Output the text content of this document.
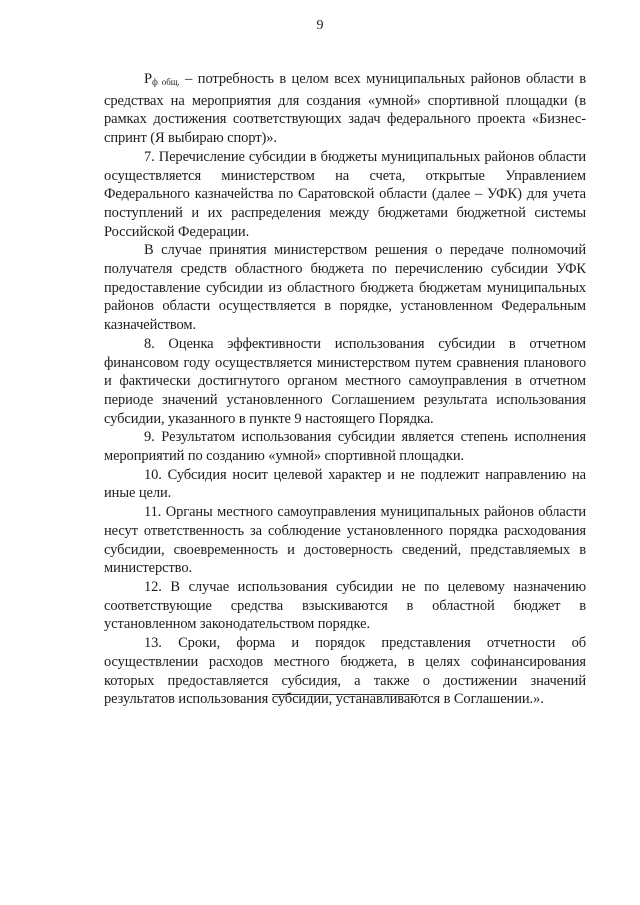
9

$P_{ф общ.}$ – потребность в целом всех муниципальных районов области в средствах на мероприятия для создания «умной» спортивной площадки (в рамках достижения соответствующих задач федерального проекта «Бизнес-спринт (Я выбираю спорт)».

7. Перечисление субсидии в бюджеты муниципальных районов области осуществляется министерством на счета, открытые Управлением Федерального казначейства по Саратовской области (далее – УФК) для учета поступлений и их распределения между бюджетами бюджетной системы Российской Федерации.

В случае принятия министерством решения о передаче полномочий получателя средств областного бюджета по перечислению субсидии УФК предоставление субсидии из областного бюджета бюджетам муниципальных районов области осуществляется в порядке, установленном Федеральным казначейством.

8. Оценка эффективности использования субсидии в отчетном финансовом году осуществляется министерством путем сравнения планового и фактически достигнутого органом местного самоуправления в отчетном периоде значений установленного Соглашением результата использования субсидии, указанного в пункте 9 настоящего Порядка.

9. Результатом использования субсидии является степень исполнения мероприятий по созданию «умной» спортивной площадки.

10. Субсидия носит целевой характер и не подлежит направлению на иные цели.

11. Органы местного самоуправления муниципальных районов области несут ответственность за соблюдение установленного порядка расходования субсидии, своевременность и достоверность сведений, представляемых в министерство.

12. В случае использования субсидии не по целевому назначению соответствующие средства взыскиваются в областной бюджет в установленном законодательством порядке.

13. Сроки, форма и порядок представления отчетности об осуществлении расходов местного бюджета, в целях софинансирования которых предоставляется субсидия, а также о достижении значений результатов использования субсидии, устанавливаются в Соглашении.».
